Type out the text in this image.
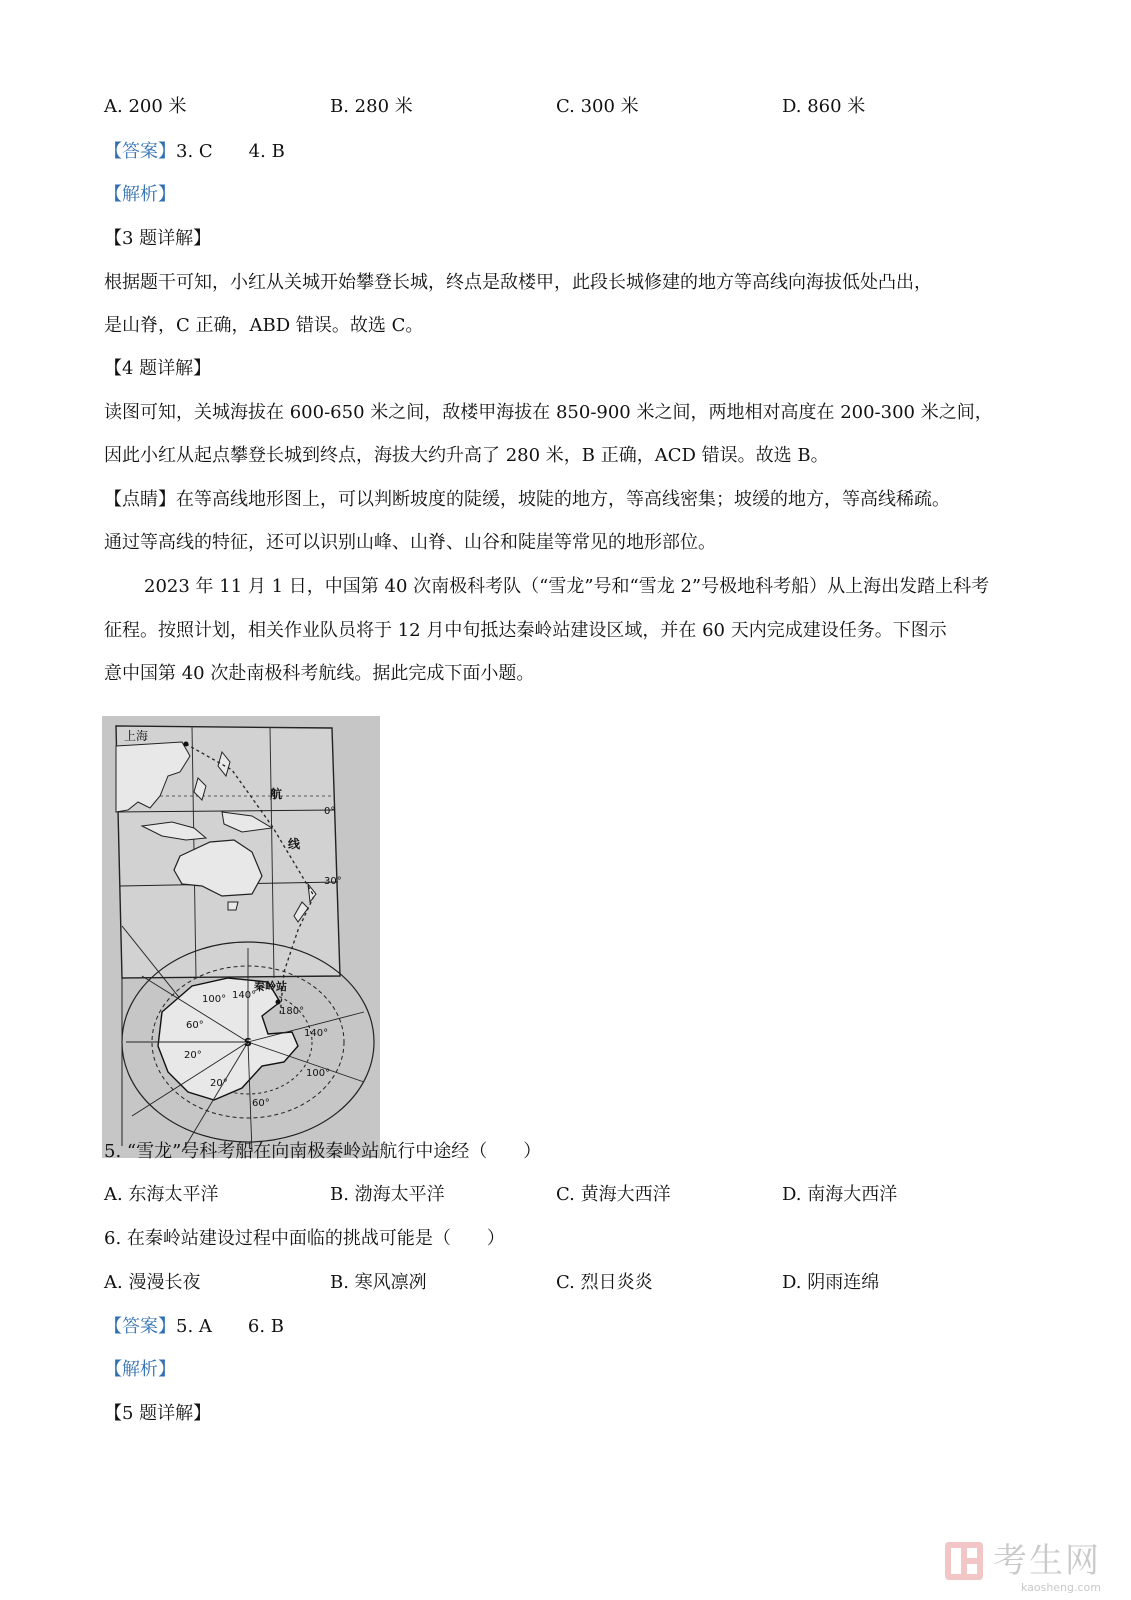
A. 200 米	B. 280 米	C. 300 米	D. 860 米
【答案】3. C　　4. B
【解析】
【3 题详解】
根据题干可知，小红从关城开始攀登长城，终点是敌楼甲，此段长城修建的地方等高线向海拔低处凸出，
是山脊，C 正确，ABD 错误。故选 C。
【4 题详解】
读图可知，关城海拔在 600-650 米之间，敌楼甲海拔在 850-900 米之间，两地相对高度在 200-300 米之间，
因此小红从起点攀登长城到终点，海拔大约升高了 280 米，B 正确，ACD 错误。故选 B。
【点睛】在等高线地形图上，可以判断坡度的陡缓，坡陡的地方，等高线密集；坡缓的地方，等高线稀疏。
通过等高线的特征，还可以识别山峰、山脊、山谷和陡崖等常见的地形部位。
2023 年 11 月 1 日，中国第 40 次南极科考队（“雪龙”号和“雪龙 2”号极地科考船）从上海出发踏上科考
征程。按照计划，相关作业队员将于 12 月中旬抵达秦岭站建设区域，并在 60 天内完成建设任务。下图示
意中国第 40 次赴南极科考航线。据此完成下面小题。
上海
航
线
0°
30°
秦岭站
100° 140°
180°
140°
60°
20°
20°
60°
100°
S
5. “雪龙”号科考船在向南极秦岭站航行中途经（　　）
A. 东海太平洋	B. 渤海太平洋	C. 黄海大西洋	D. 南海大西洋
6. 在秦岭站建设过程中面临的挑战可能是（　　）
A. 漫漫长夜	B. 寒风凛冽	C. 烈日炎炎	D. 阴雨连绵
【答案】5. A　　6. B
【解析】
【5 题详解】
考生网
kaosheng.com
